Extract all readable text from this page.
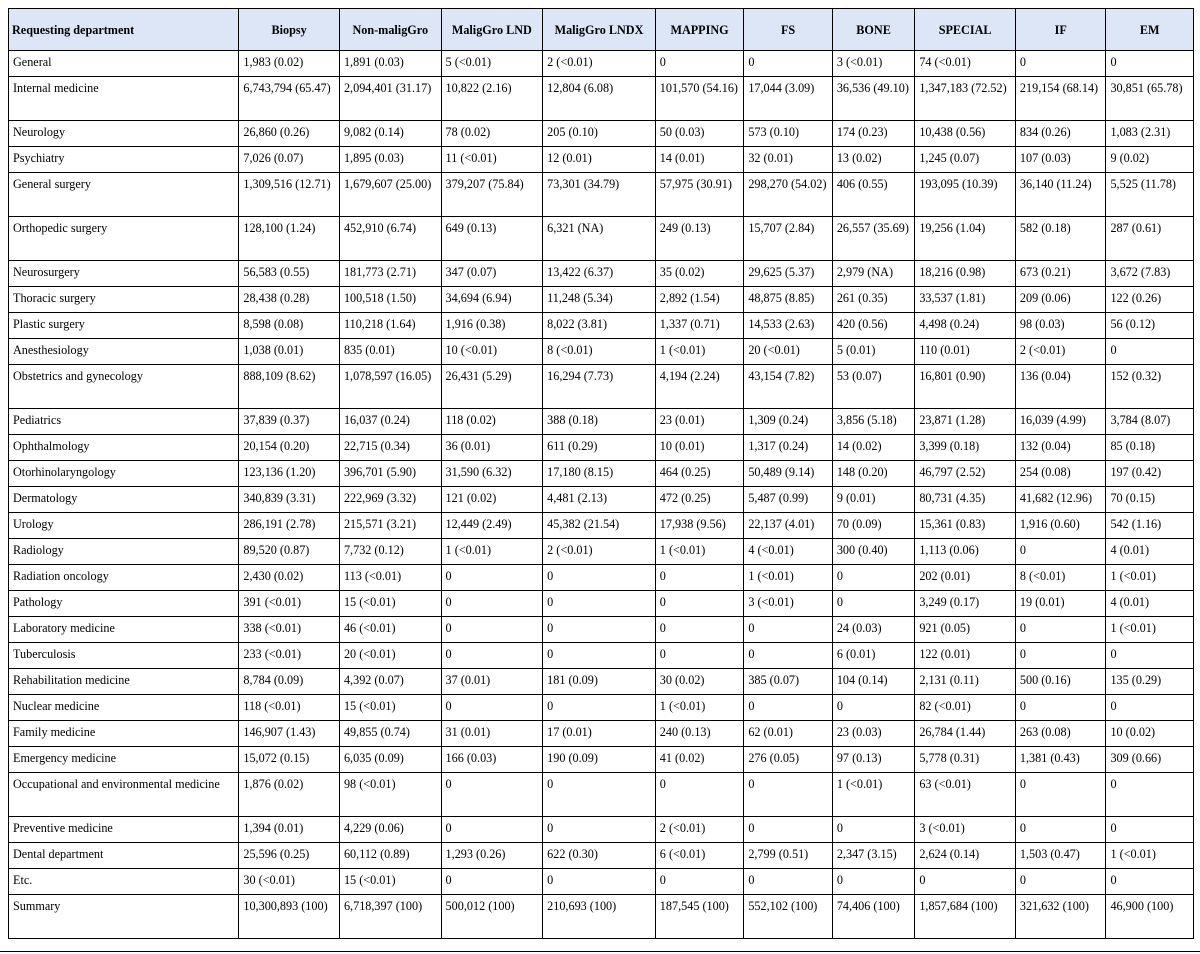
Requesting department	Biopsy	Non-maligGro	MaligGro LND	MaligGro LNDX	MAPPING	FS	BONE	SPECIAL	IF	EM
General	1,983 (0.02)	1,891 (0.03)	5 (<0.01)	2 (<0.01)	0	0	3 (<0.01)	74 (<0.01)	0	0
Internal medicine	6,743,794 (65.47)	2,094,401 (31.17)	10,822 (2.16)	12,804 (6.08)	101,570 (54.16)	17,044 (3.09)	36,536 (49.10)	1,347,183 (72.52)	219,154 (68.14)	30,851 (65.78)
Neurology	26,860 (0.26)	9,082 (0.14)	78 (0.02)	205 (0.10)	50 (0.03)	573 (0.10)	174 (0.23)	10,438 (0.56)	834 (0.26)	1,083 (2.31)
Psychiatry	7,026 (0.07)	1,895 (0.03)	11 (<0.01)	12 (0.01)	14 (0.01)	32 (0.01)	13 (0.02)	1,245 (0.07)	107 (0.03)	9 (0.02)
General surgery	1,309,516 (12.71)	1,679,607 (25.00)	379,207 (75.84)	73,301 (34.79)	57,975 (30.91)	298,270 (54.02)	406 (0.55)	193,095 (10.39)	36,140 (11.24)	5,525 (11.78)
Orthopedic surgery	128,100 (1.24)	452,910 (6.74)	649 (0.13)	6,321 (NA)	249 (0.13)	15,707 (2.84)	26,557 (35.69)	19,256 (1.04)	582 (0.18)	287 (0.61)
Neurosurgery	56,583 (0.55)	181,773 (2.71)	347 (0.07)	13,422 (6.37)	35 (0.02)	29,625 (5.37)	2,979 (NA)	18,216 (0.98)	673 (0.21)	3,672 (7.83)
Thoracic surgery	28,438 (0.28)	100,518 (1.50)	34,694 (6.94)	11,248 (5.34)	2,892 (1.54)	48,875 (8.85)	261 (0.35)	33,537 (1.81)	209 (0.06)	122 (0.26)
Plastic surgery	8,598 (0.08)	110,218 (1.64)	1,916 (0.38)	8,022 (3.81)	1,337 (0.71)	14,533 (2.63)	420 (0.56)	4,498 (0.24)	98 (0.03)	56 (0.12)
Anesthesiology	1,038 (0.01)	835 (0.01)	10 (<0.01)	8 (<0.01)	1 (<0.01)	20 (<0.01)	5 (0.01)	110 (0.01)	2 (<0.01)	0
Obstetrics and gynecology	888,109 (8.62)	1,078,597 (16.05)	26,431 (5.29)	16,294 (7.73)	4,194 (2.24)	43,154 (7.82)	53 (0.07)	16,801 (0.90)	136 (0.04)	152 (0.32)
Pediatrics	37,839 (0.37)	16,037 (0.24)	118 (0.02)	388 (0.18)	23 (0.01)	1,309 (0.24)	3,856 (5.18)	23,871 (1.28)	16,039 (4.99)	3,784 (8.07)
Ophthalmology	20,154 (0.20)	22,715 (0.34)	36 (0.01)	611 (0.29)	10 (0.01)	1,317 (0.24)	14 (0.02)	3,399 (0.18)	132 (0.04)	85 (0.18)
Otorhinolaryngology	123,136 (1.20)	396,701 (5.90)	31,590 (6.32)	17,180 (8.15)	464 (0.25)	50,489 (9.14)	148 (0.20)	46,797 (2.52)	254 (0.08)	197 (0.42)
Dermatology	340,839 (3.31)	222,969 (3.32)	121 (0.02)	4,481 (2.13)	472 (0.25)	5,487 (0.99)	9 (0.01)	80,731 (4.35)	41,682 (12.96)	70 (0.15)
Urology	286,191 (2.78)	215,571 (3.21)	12,449 (2.49)	45,382 (21.54)	17,938 (9.56)	22,137 (4.01)	70 (0.09)	15,361 (0.83)	1,916 (0.60)	542 (1.16)
Radiology	89,520 (0.87)	7,732 (0.12)	1 (<0.01)	2 (<0.01)	1 (<0.01)	4 (<0.01)	300 (0.40)	1,113 (0.06)	0	4 (0.01)
Radiation oncology	2,430 (0.02)	113 (<0.01)	0	0	0	1 (<0.01)	0	202 (0.01)	8 (<0.01)	1 (<0.01)
Pathology	391 (<0.01)	15 (<0.01)	0	0	0	3 (<0.01)	0	3,249 (0.17)	19 (0.01)	4 (0.01)
Laboratory medicine	338 (<0.01)	46 (<0.01)	0	0	0	0	24 (0.03)	921 (0.05)	0	1 (<0.01)
Tuberculosis	233 (<0.01)	20 (<0.01)	0	0	0	0	6 (0.01)	122 (0.01)	0	0
Rehabilitation medicine	8,784 (0.09)	4,392 (0.07)	37 (0.01)	181 (0.09)	30 (0.02)	385 (0.07)	104 (0.14)	2,131 (0.11)	500 (0.16)	135 (0.29)
Nuclear medicine	118 (<0.01)	15 (<0.01)	0	0	1 (<0.01)	0	0	82 (<0.01)	0	0
Family medicine	146,907 (1.43)	49,855 (0.74)	31 (0.01)	17 (0.01)	240 (0.13)	62 (0.01)	23 (0.03)	26,784 (1.44)	263 (0.08)	10 (0.02)
Emergency medicine	15,072 (0.15)	6,035 (0.09)	166 (0.03)	190 (0.09)	41 (0.02)	276 (0.05)	97 (0.13)	5,778 (0.31)	1,381 (0.43)	309 (0.66)
Occupational and environmental medicine	1,876 (0.02)	98 (<0.01)	0	0	0	0	1 (<0.01)	63 (<0.01)	0	0
Preventive medicine	1,394 (0.01)	4,229 (0.06)	0	0	2 (<0.01)	0	0	3 (<0.01)	0	0
Dental department	25,596 (0.25)	60,112 (0.89)	1,293 (0.26)	622 (0.30)	6 (<0.01)	2,799 (0.51)	2,347 (3.15)	2,624 (0.14)	1,503 (0.47)	1 (<0.01)
Etc.	30 (<0.01)	15 (<0.01)	0	0	0	0	0	0	0	0
Summary	10,300,893 (100)	6,718,397 (100)	500,012 (100)	210,693 (100)	187,545 (100)	552,102 (100)	74,406 (100)	1,857,684 (100)	321,632 (100)	46,900 (100)
